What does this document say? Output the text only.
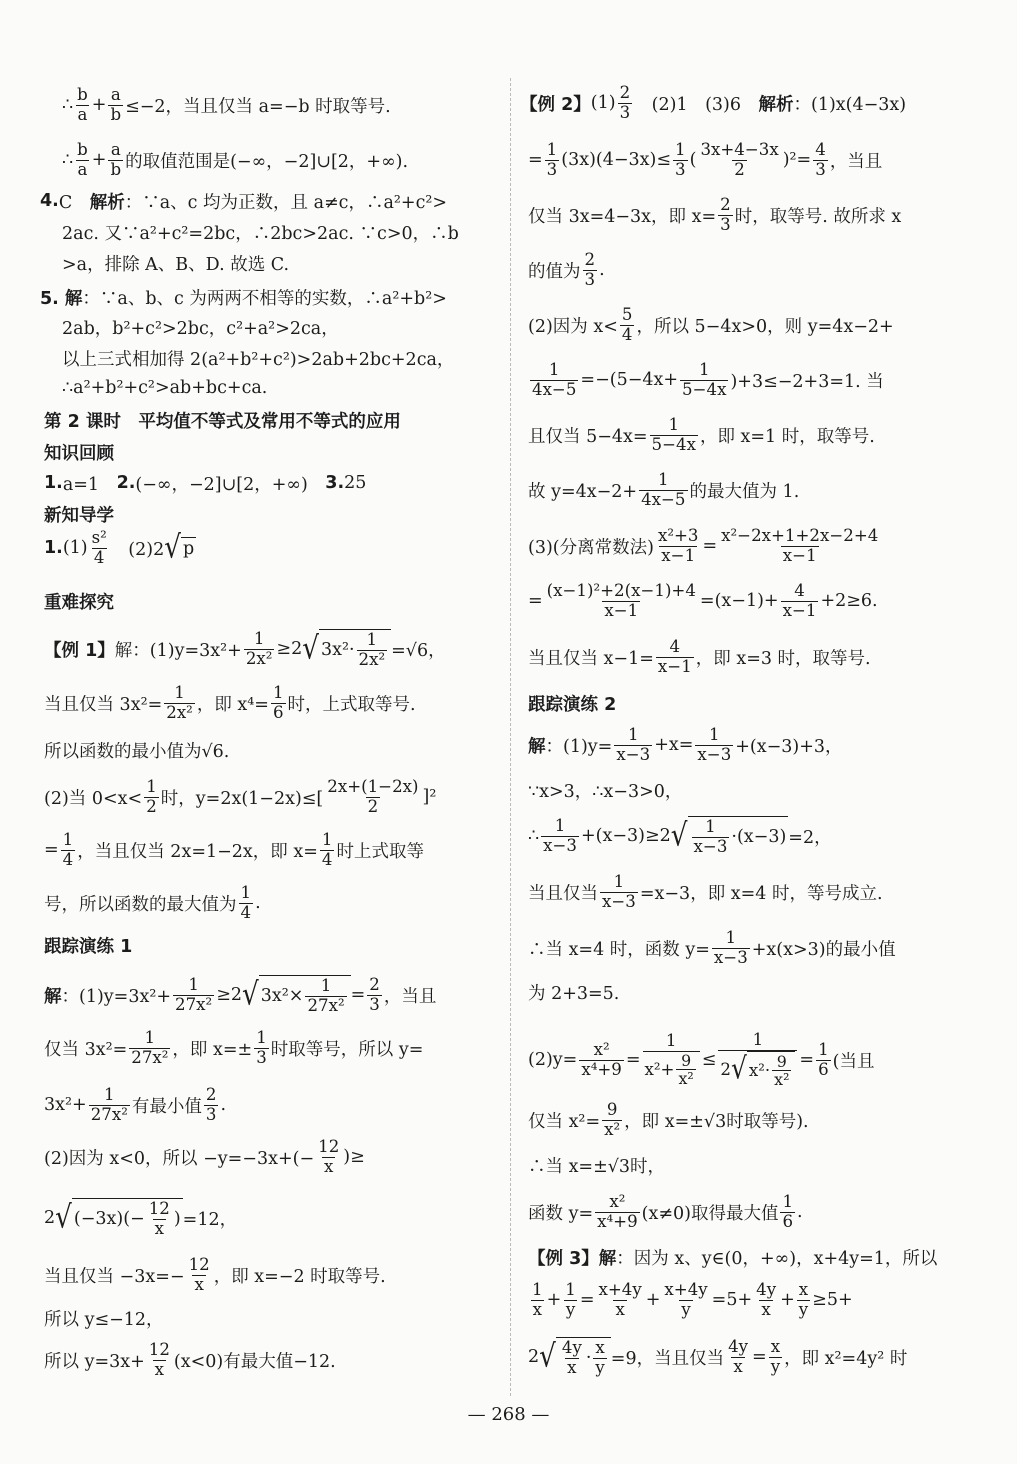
∴ $\frac{b}{a} + \frac{a}{b} \le-2$，当且仅当 a=−b 时取等号.
∴ $\frac{b}{a} + \frac{a}{b}$ 的取值范围是(−∞，−2]∪[2，+∞).
4. C　 解析 ：∵a、c 均为正数，且 a≠c，∴a²+c²>
2ac. 又∵a²+c²=2bc，∴2bc>2ac. ∵c>0，∴b
>a，排除 A、B、D. 故选 C.
5. 解 ：∵a、b、c 为两两不相等的实数，∴a²+b²>
2ab，b²+c²>2bc，c²+a²>2ca，
以上三式相加得 2(a²+b²+c²)>2ab+2bc+2ca，
∴a²+b²+c²>ab+bc+ca.
第 2 课时　平均值不等式及常用不等式的应用
知识回顾
1. a=1　 2. (−∞，−2]∪[2，+∞)　 3. 25
新知导学
1. $(1) \frac{\text{s²}}{4}$ 　(2)2 √ p
重难探究
【例 1】 解：$(1)y=3x^2+ \frac{1}{\text{2x²}} \ge 2$ √ $3x^2\cdot \frac{1}{\text{2x²}} =√6$，
当且仅当 $3x^2= \frac{1}{\text{2x²}}$ ，即 $x^4= \frac{1}{6}$ 时，上式取等号.
所以函数的最小值为√6.
(2)当 $0<x< \frac{1}{2}$ 时，$y=2x(1-2x)\le[ \frac{2x+(1-2x)}{2} ]^2$
= $\frac{1}{4}$ ，当且仅当 2x=1−2x，即 $x= \frac{1}{4}$ 时上式取等
号，所以函数的最大值为 $\frac{1}{4}$ .
跟踪演练 1
解 ：$(1)y=3x^2+ \frac{1}{\text{27x²}} \ge 2$ √ $3x^2\times \frac{1}{\text{27x²}} = \frac{2}{3}$ ，当且
仅当 $3x^2= \frac{1}{\text{27x²}}$ ，即 $x=\pm \frac{1}{3}$ 时取等号，所以 y=
$3x^2+ \frac{1}{\text{27x²}}$ 有最小值 $\frac{2}{3}$ .
(2)因为 x<0，所以 $-y=-3x+(- \frac{12}{x}$ )≥
2 √ $(-3x)(- \frac{12}{x}$ ) =12，
当且仅当 $-3x=- \frac{12}{x}$ ，即 x=−2 时取等号.
所以 y≤−12，
所以 $y=3x+ \frac{12}{x} (x<0)$有最大值−12.
【例 2】 $(1) \frac{2}{3}$ 　(2)1　(3)6　 解析 ：(1)x(4−3x)
= $\frac{1}{3} (3x)(4-3x)\le \frac{1}{3}$ ( $\frac{3x+4-3x}{2} )^2= \frac{4}{3}$ ，当且
仅当 3x=4−3x，即 $x= \frac{2}{3}$ 时，取等号. 故所求 x
的值为 $\frac{2}{3}$ .
(2)因为 $x< \frac{5}{4}$ ，所以 5−4x>0，则 y=4x−2+
$\frac{1}{4x-5} =-(5-4x+ \frac{1}{5-4x} )+3\le-2+3=1$. 当
且仅当 $5-4x= \frac{1}{5-4x}$ ，即 x=1 时，取等号.
故 $y=4x-2+ \frac{1}{4x-5}$ 的最大值为 1.
(3)(分离常数法) $\frac{\text{x²+3}}{x-1} = \frac{\text{x²−2x+1+2x−2+4}}{x-1}$
= $\frac{\text{(x−1)²+2(x−1)+4}}{x-1} =(x-1)+ \frac{4}{x-1} +2\ge 6$.
当且仅当 $x-1= \frac{4}{x-1}$ ，即 x=3 时，取等号.
跟踪演练 2
解 ：$(1)y= \frac{1}{x-3} +x= \frac{1}{x-3} +(x-3)+3$，
∵x>3，∴x−3>0，
∴ $\frac{1}{x-3} +(x-3)\ge 2$ √ $\frac{1}{x-3} \cdot(x-3) =2$，
当且仅当 $\frac{1}{x-3} =x-3$，即 x=4 时，等号成立.
∴当 x=4 时，函数 $y= \frac{1}{x-3} +x(x>3)$的最小值
为 2+3=5.
$(2)y= \frac{\text{x²}}{\text{x⁴+9}} = \frac{1}{x^2+ \frac{9}{\text{x²}}} \le \frac{1}{2 √ x^2\cdot \frac{9}{\text{x²}}} = \frac{1}{6}$ (当且
仅当 $x^2= \frac{9}{\text{x²}}$ ，即 x=±√3时取等号).
∴当 x=±√3时，
函数 $y= \frac{\text{x²}}{\text{x⁴+9}} (x\ne 0)$取得最大值 $\frac{1}{6}$ .
【例 3】 解 ：因为 x、y∈(0，+∞)，x+4y=1，所以
$\frac{1}{x} + \frac{1}{y} = \frac{x+4y}{x} + \frac{x+4y}{y} =5+ \frac{4y}{x} + \frac{x}{y} \ge 5+$
2 √ $\frac{4y}{x} \cdot \frac{x}{y} =9$，当且仅当 $\frac{4y}{x} = \frac{x}{y}$ ，即 x²=4y² 时
— 268 —
